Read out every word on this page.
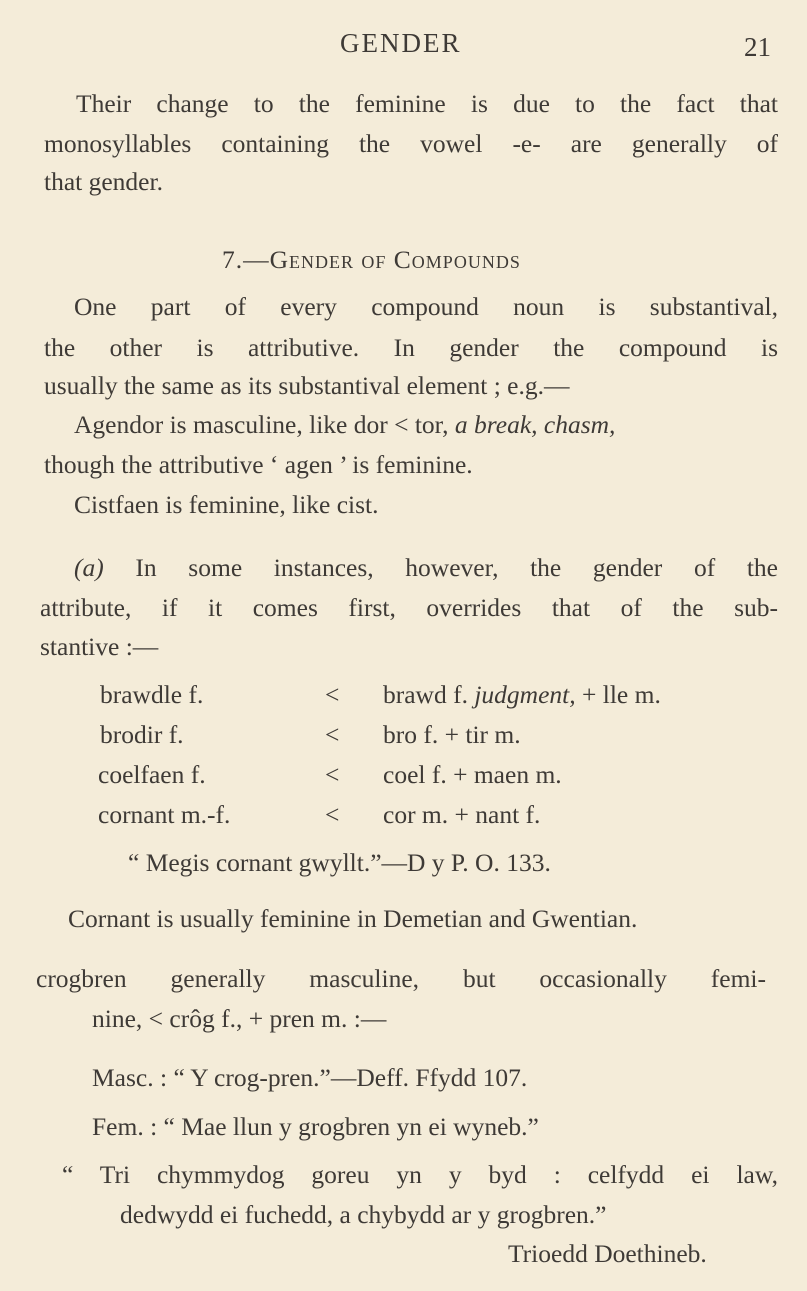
GENDER	21
Their change to the feminine is due to the fact that
monosyllables containing the vowel -e- are generally of
that gender.
7.—Gender of Compounds
One part of every compound noun is substantival,
the other is attributive. In gender the compound is
usually the same as its substantival element ; e.g.—
Agendor is masculine, like dor < tor, a break, chasm,
though the attributive ‘ agen ’ is feminine.
Cistfaen is feminine, like cist.
(a) In some instances, however, the gender of the
attribute, if it comes first, overrides that of the sub-
stantive :—
brawdle f.	< brawd f. judgment, + lle m.
brodir f.	< bro f. + tir m.
coelfaen f.	< coel f. + maen m.
cornant m.-f.	< cor m. + nant f.
“ Megis cornant gwyllt.”—D y P. O. 133.
Cornant is usually feminine in Demetian and Gwentian.
crogbren generally masculine, but occasionally femi-
nine, < crôg f., + pren m. :—
Masc. : “ Y crog-pren.”—Deff. Ffydd 107.
Fem. : “ Mae llun y grogbren yn ei wyneb.”
“ Tri chymmydog goreu yn y byd : celfydd ei law,
dedwydd ei fuchedd, a chybydd ar y grogbren.”
Trioedd Doethineb.
